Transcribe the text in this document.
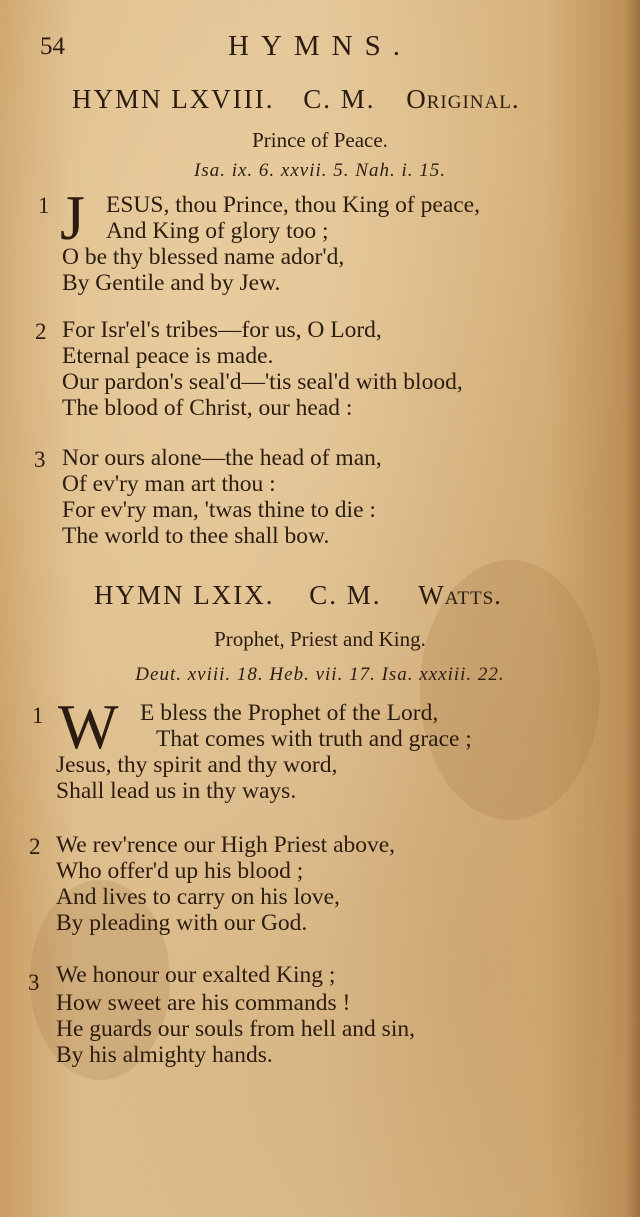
54	HYMNS.
HYMN LXVIII. C. M. Original.
Prince of Peace.
Isa. ix. 6. xxvii. 5. Nah. i. 15.
1 J ESUS, thou Prince, thou King of peace,
And King of glory too ;
O be thy blessed name ador'd,
By Gentile and by Jew.
2 For Isr'el's tribes—for us, O Lord,
Eternal peace is made.
Our pardon's seal'd—'tis seal'd with blood,
The blood of Christ, our head :
3 Nor ours alone—the head of man,
Of ev'ry man art thou :
For ev'ry man, 'twas thine to die :
The world to thee shall bow.
HYMN LXIX. C. M. Watts.
Prophet, Priest and King.
Deut. xviii. 18. Heb. vii. 17. Isa. xxxiii. 22.
1 W E bless the Prophet of the Lord,
That comes with truth and grace ;
Jesus, thy spirit and thy word,
Shall lead us in thy ways.
2 We rev'rence our High Priest above,
Who offer'd up his blood ;
And lives to carry on his love,
By pleading with our God.
3 We honour our exalted King ;
How sweet are his commands !
He guards our souls from hell and sin,
By his almighty hands.
